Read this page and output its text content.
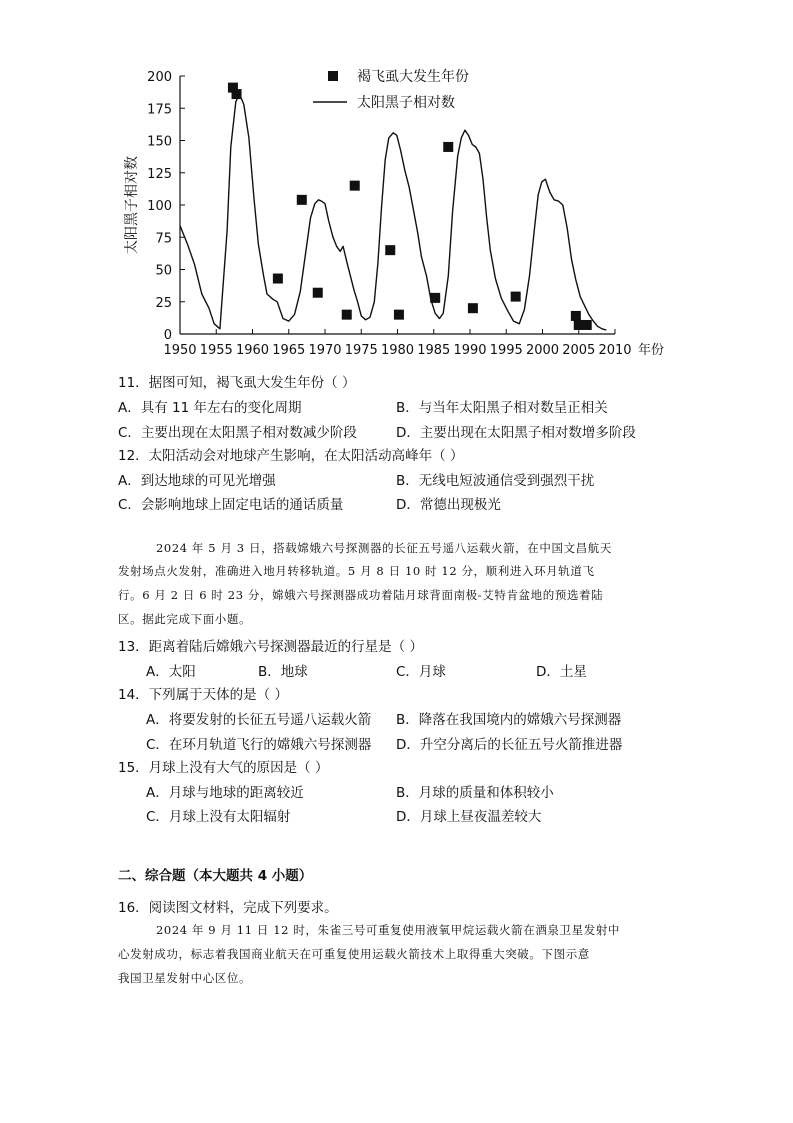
0
25
50
75
100
125
150
175
200
1950 1955 1960 1965 1970 1975 1980 1985 1990 1995 2000 2005 2010 年份
太阳黑子相对数
褐飞虱大发生年份
太阳黑子相对数
11．据图可知，褐飞虱大发生年份（ ）
A．具有 11 年左右的变化周期	B．与当年太阳黑子相对数呈正相关
C．主要出现在太阳黑子相对数减少阶段	D．主要出现在太阳黑子相对数增多阶段
12．太阳活动会对地球产生影响，在太阳活动高峰年（ ）
A．到达地球的可见光增强	B．无线电短波通信受到强烈干扰
C．会影响地球上固定电话的通话质量	D．常德出现极光
2024 年 5 月 3 日，搭载嫦娥六号探测器的长征五号遥八运载火箭，在中国文昌航天
发射场点火发射，准确进入地月转移轨道。5 月 8 日 10 时 12 分，顺利进入环月轨道飞
行。6 月 2 日 6 时 23 分，嫦娥六号探测器成功着陆月球背面南极-艾特肯盆地的预选着陆
区。据此完成下面小题。
13．距离着陆后嫦娥六号探测器最近的行星是（ ）
A．太阳	B．地球	C．月球	D．土星
14．下列属于天体的是（ ）
A．将要发射的长征五号遥八运载火箭 B．降落在我国境内的嫦娥六号探测器
C．在环月轨道飞行的嫦娥六号探测器 D．升空分离后的长征五号火箭推进器
15．月球上没有大气的原因是（ ）
A．月球与地球的距离较近	B．月球的质量和体积较小
C．月球上没有太阳辐射	D．月球上昼夜温差较大
二、综合题（本大题共 4 小题）
16．阅读图文材料，完成下列要求。
2024 年 9 月 11 日 12 时，朱雀三号可重复使用液氧甲烷运载火箭在酒泉卫星发射中
心发射成功，标志着我国商业航天在可重复使用运载火箭技术上取得重大突破。下图示意
我国卫星发射中心区位。
